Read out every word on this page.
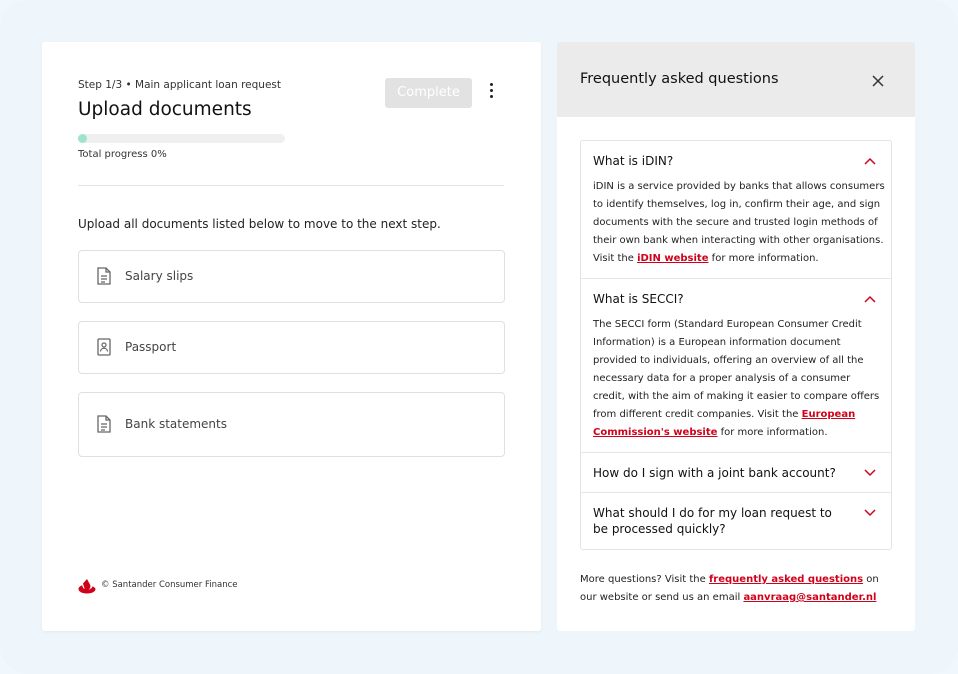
Step 1/3 • Main applicant loan request
Upload documents
Complete
Total progress 0%
Upload all documents listed below to move to the next step.
Salary slips
Passport
Bank statements
© Santander Consumer Finance
Frequently asked questions
What is iDIN?
iDIN is a service provided by banks that allows consumers to identify themselves, log in, confirm their age, and sign documents with the secure and trusted login methods of their own bank when interacting with other organisations. Visit the iDIN website for more information.
What is SECCI?
The SECCI form (Standard European Consumer Credit Information) is a European information document provided to individuals, offering an overview of all the necessary data for a proper analysis of a consumer credit, with the aim of making it easier to compare offers from different credit companies. Visit the European Commission's website for more information.
How do I sign with a joint bank account?
What should I do for my loan request to be processed quickly?
More questions? Visit the frequently asked questions on our website or send us an email aanvraag@santander.nl
